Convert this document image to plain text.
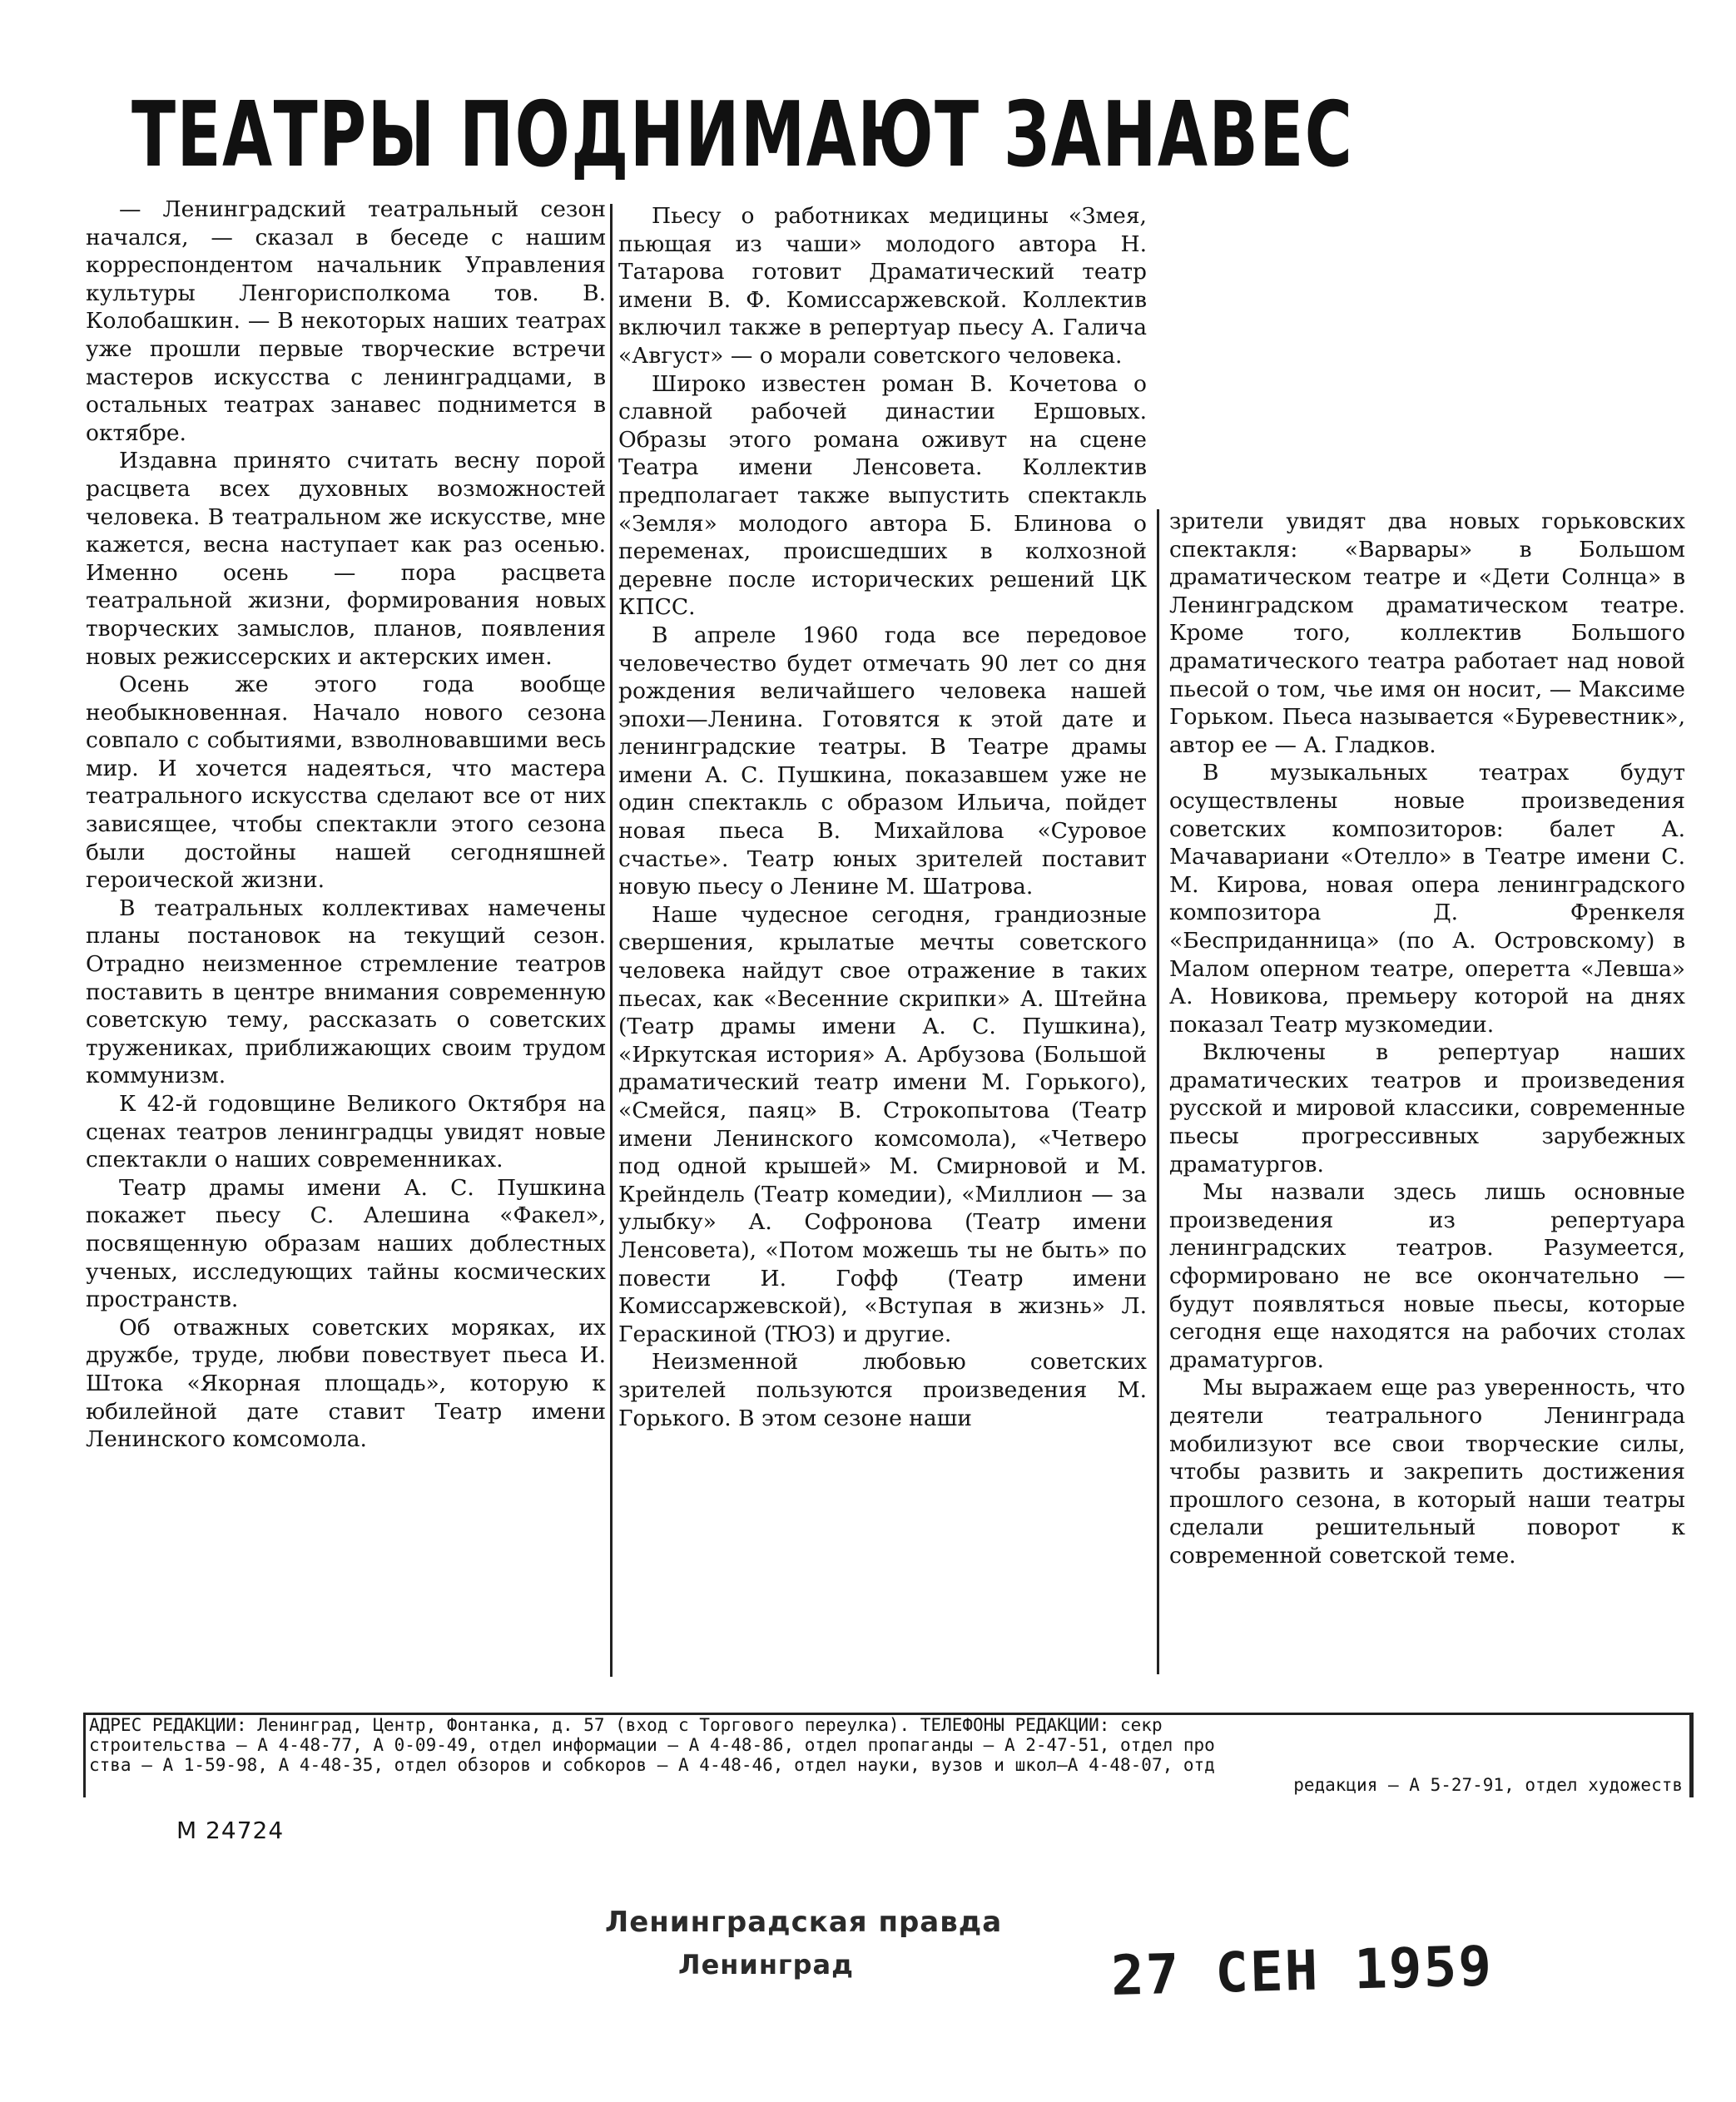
ТЕАТРЫ ПОДНИМАЮТ ЗАНАВЕС

— Ленинградский театральный сезон начался, — сказал в беседе с нашим корреспондентом начальник Управления культуры Ленгорисполкома тов. В. Колобашкин. — В некоторых наших театрах уже прошли первые творческие встречи мастеров искусства с ленинградцами, в остальных театрах занавес поднимется в октябре.

Издавна принято считать весну порой расцвета всех духовных возможностей человека. В театральном же искусстве, мне кажется, весна наступает как раз осенью. Именно осень — пора расцвета театральной жизни, формирования новых творческих замыслов, планов, появления новых режиссерских и актерских имен.

Осень же этого года вообще необыкновенная. Начало нового сезона совпало с событиями, взволновавшими весь мир. И хочется надеяться, что мастера театрального искусства сделают все от них зависящее, чтобы спектакли этого сезона были достойны нашей сегодняшней героической жизни.

В театральных коллективах намечены планы постановок на текущий сезон. Отрадно неизменное стремление театров поставить в центре внимания современную советскую тему, рассказать о советских тружениках, приближающих своим трудом коммунизм.

К 42-й годовщине Великого Октября на сценах театров ленинградцы увидят новые спектакли о наших современниках.

Театр драмы имени А. С. Пушкина покажет пьесу С. Алешина «Факел», посвященную образам наших доблестных ученых, исследующих тайны космических пространств.

Об отважных советских моряках, их дружбе, труде, любви повествует пьеса И. Штока «Якорная площадь», которую к юбилейной дате ставит Театр имени Ленинского комсомола.

Пьесу о работниках медицины «Змея, пьющая из чаши» молодого автора Н. Татарова готовит Драматический театр имени В. Ф. Комиссаржевской. Коллектив включил также в репертуар пьесу А. Галича «Август» — о морали советского человека.

Широко известен роман В. Кочетова о славной рабочей династии Ершовых. Образы этого романа оживут на сцене Театра имени Ленсовета. Коллектив предполагает также выпустить спектакль «Земля» молодого автора Б. Блинова о переменах, происшедших в колхозной деревне после исторических решений ЦК КПСС.

В апреле 1960 года все передовое человечество будет отмечать 90 лет со дня рождения величайшего человека нашей эпохи—Ленина. Готовятся к этой дате и ленинградские театры. В Театре драмы имени А. С. Пушкина, показавшем уже не один спектакль с образом Ильича, пойдет новая пьеса В. Михайлова «Суровое счастье». Театр юных зрителей поставит новую пьесу о Ленине М. Шатрова.

Наше чудесное сегодня, грандиозные свершения, крылатые мечты советского человека найдут свое отражение в таких пьесах, как «Весенние скрипки» А. Штейна (Театр драмы имени А. С. Пушкина), «Иркутская история» А. Арбузова (Большой драматический театр имени М. Горького), «Смейся, паяц» В. Строкопытова (Театр имени Ленинского комсомола), «Четверо под одной крышей» М. Смирновой и М. Крейндель (Театр комедии), «Миллион — за улыбку» А. Софронова (Театр имени Ленсовета), «Потом можешь ты не быть» по повести И. Гофф (Театр имени Комиссаржевской), «Вступая в жизнь» Л. Гераскиной (ТЮЗ) и другие.

Неизменной любовью советских зрителей пользуются произведения М. Горького. В этом сезоне наши

зрители увидят два новых горьковских спектакля: «Варвары» в Большом драматическом театре и «Дети Солнца» в Ленинградском драматическом театре. Кроме того, коллектив Большого драматического театра работает над новой пьесой о том, чье имя он носит, — Максиме Горьком. Пьеса называется «Буревестник», автор ее — А. Гладков.

В музыкальных театрах будут осуществлены новые произведения советских композиторов: балет А. Мачавариани «Отелло» в Театре имени С. М. Кирова, новая опера ленинградского композитора Д. Френкеля «Бесприданница» (по А. Островскому) в Малом оперном театре, оперетта «Левша» А. Новикова, премьеру которой на днях показал Театр музкомедии.

Включены в репертуар наших драматических театров и произведения русской и мировой классики, современные пьесы прогрессивных зарубежных драматургов.

Мы назвали здесь лишь основные произведения из репертуара ленинградских театров. Разумеется, сформировано не все окончательно — будут появляться новые пьесы, которые сегодня еще находятся на рабочих столах драматургов.

Мы выражаем еще раз уверенность, что деятели театрального Ленинграда мобилизуют все свои творческие силы, чтобы развить и закрепить достижения прошлого сезона, в который наши театры сделали решительный поворот к современной советской теме.

АДРЕС РЕДАКЦИИ: Ленинград, Центр, Фонтанка, д. 57 (вход с Торгового переулка). ТЕЛЕФОНЫ РЕДАКЦИИ: секр
строительства — А 4-48-77, А 0-09-49, отдел информации — А 4-48-86, отдел пропаганды — А 2-47-51, отдел про
ства — А 1-59-98, А 4-48-35, отдел обзоров и собкоров — А 4-48-46, отдел науки, вузов и школ—А 4-48-07, отд
редакция — А 5-27-91, отдел художеств
М 24724
Ленинградская правда
Ленинград	27 СЕН 1959
